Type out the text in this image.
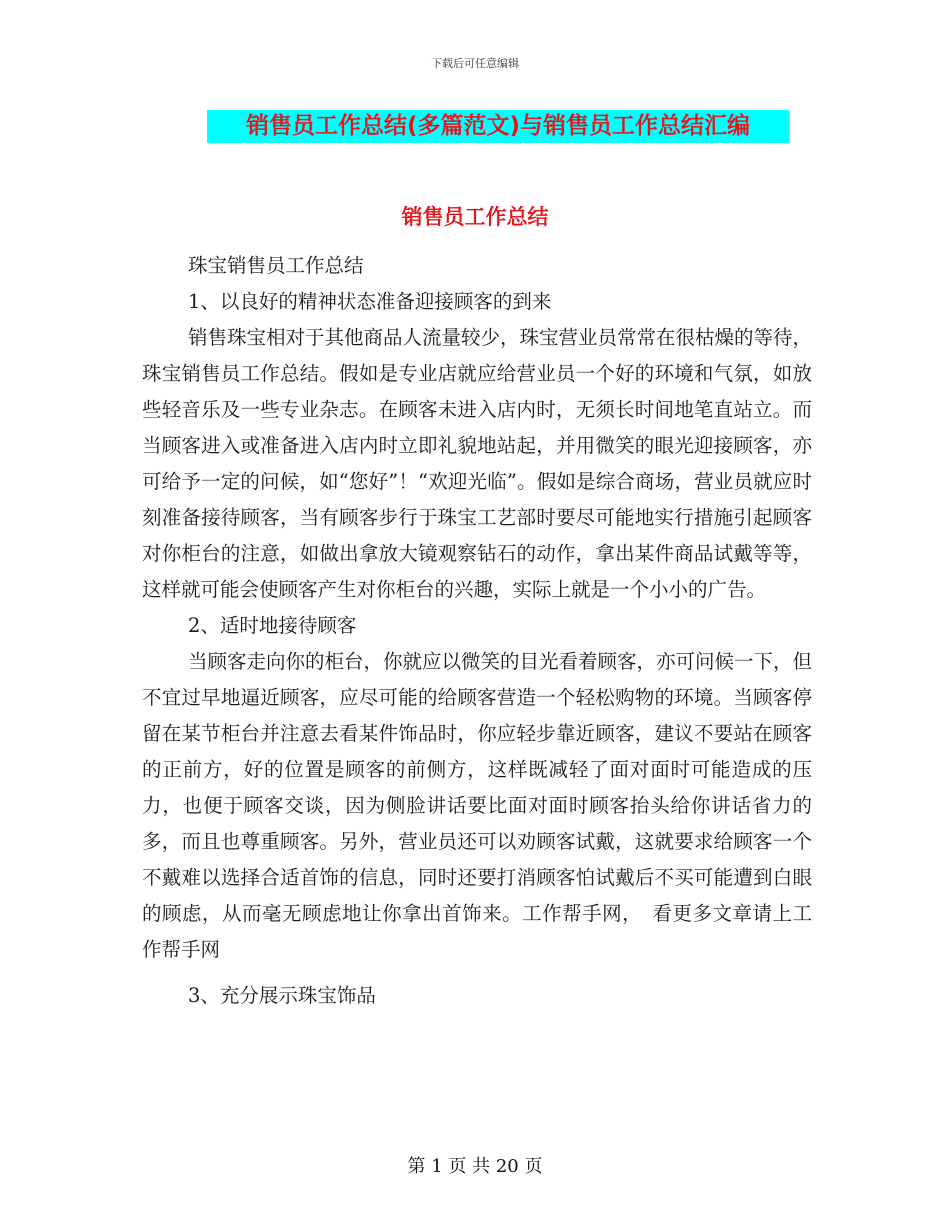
下载后可任意编辑
销售员工作总结(多篇范文)与销售员工作总结汇编
销售员工作总结

珠宝销售员工作总结

1、以良好的精神状态准备迎接顾客的到来

销售珠宝相对于其他商品人流量较少，珠宝营业员常常在很枯燥的等待，珠宝销售员工作总结。假如是专业店就应给营业员一个好的环境和气氛，如放些轻音乐及一些专业杂志。在顾客未进入店内时，无须长时间地笔直站立。而当顾客进入或准备进入店内时立即礼貌地站起，并用微笑的眼光迎接顾客，亦可给予一定的问候，如“您好”！“欢迎光临”。假如是综合商场，营业员就应时刻准备接待顾客，当有顾客步行于珠宝工艺部时要尽可能地实行措施引起顾客对你柜台的注意，如做出拿放大镜观察钻石的动作，拿出某件商品试戴等等，这样就可能会使顾客产生对你柜台的兴趣，实际上就是一个小小的广告。

2、适时地接待顾客

当顾客走向你的柜台，你就应以微笑的目光看着顾客，亦可问候一下，但不宜过早地逼近顾客，应尽可能的给顾客营造一个轻松购物的环境。当顾客停留在某节柜台并注意去看某件饰品时，你应轻步靠近顾客，建议不要站在顾客的正前方，好的位置是顾客的前侧方，这样既减轻了面对面时可能造成的压力，也便于顾客交谈，因为侧脸讲话要比面对面时顾客抬头给你讲话省力的多，而且也尊重顾客。另外，营业员还可以劝顾客试戴，这就要求给顾客一个不戴难以选择合适首饰的信息，同时还要打消顾客怕试戴后不买可能遭到白眼的顾虑，从而毫无顾虑地让你拿出首饰来。工作帮手网，　看更多文章请上工作帮手网

3、充分展示珠宝饰品

第 1 页 共 20 页
